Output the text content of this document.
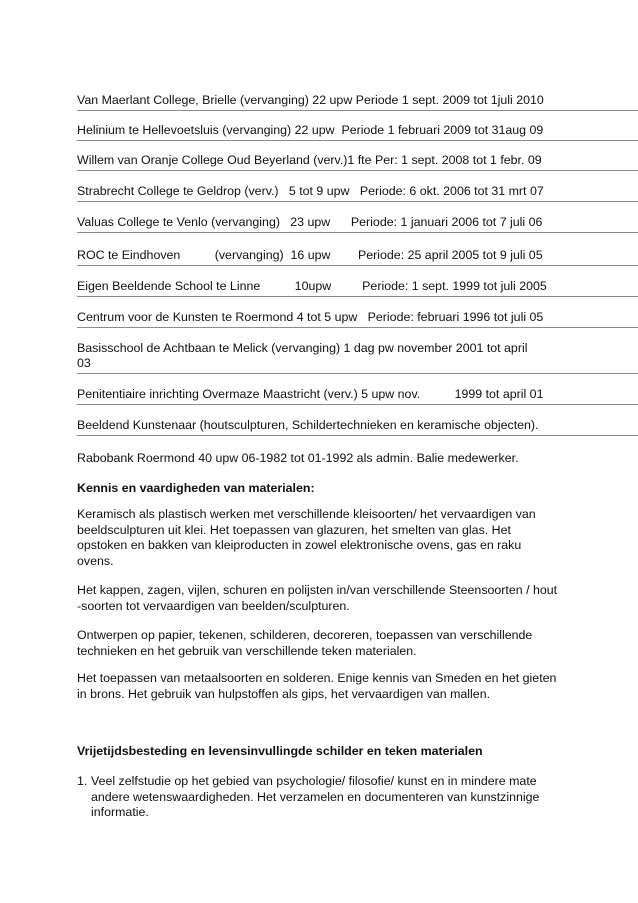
Van Maerlant College, Brielle (vervanging) 22 upw Periode 1 sept. 2009 tot 1juli 2010
Helinium te Hellevoetsluis (vervanging) 22 upw  Periode 1 februari 2009 tot 31aug 09
Willem van Oranje College Oud Beyerland (verv.)1 fte Per: 1 sept. 2008 tot 1 febr. 09
Strabrecht College te Geldrop (verv.)   5 tot 9 upw   Periode: 6 okt. 2006 tot 31 mrt 07
Valuas College te Venlo (vervanging)   23 upw      Periode: 1 januari 2006 tot 7 juli 06
ROC te Eindhoven          (vervanging)  16 upw        Periode: 25 april 2005 tot 9 juli 05
Eigen Beeldende School te Linne          10upw         Periode: 1 sept. 1999 tot juli 2005
Centrum voor de Kunsten te Roermond 4 tot 5 upw   Periode: februari 1996 tot juli 05
Basisschool de Achtbaan te Melick (vervanging) 1 dag pw november 2001 tot april
03
Penitentiaire inrichting Overmaze Maastricht (verv.) 5 upw nov.          1999 tot april 01
Beeldend Kunstenaar (houtsculpturen, Schildertechnieken en keramische objecten).
Rabobank Roermond 40 upw 06-1982 tot 01-1992 als admin. Balie medewerker.
Kennis en vaardigheden van materialen:
Keramisch als plastisch werken met verschillende kleisoorten/ het vervaardigen van beeldsculpturen uit klei. Het toepassen van glazuren, het smelten van glas. Het opstoken en bakken van kleiproducten in zowel elektronische ovens, gas en raku ovens.
Het kappen, zagen, vijlen, schuren en polijsten in/van verschillende Steensoorten / hout -soorten tot vervaardigen van beelden/sculpturen.
Ontwerpen op papier, tekenen, schilderen, decoreren, toepassen van verschillende technieken en het gebruik van verschillende teken materialen.
Het toepassen van metaalsoorten en solderen. Enige kennis van Smeden en het gieten in brons. Het gebruik van hulpstoffen als gips, het vervaardigen van mallen.
Vrijetijdsbesteding en levensinvullingde schilder en teken materialen
1. Veel zelfstudie op het gebied van psychologie/ filosofie/ kunst en in mindere mate andere wetenswaardigheden. Het verzamelen en documenteren van kunstzinnige informatie.
